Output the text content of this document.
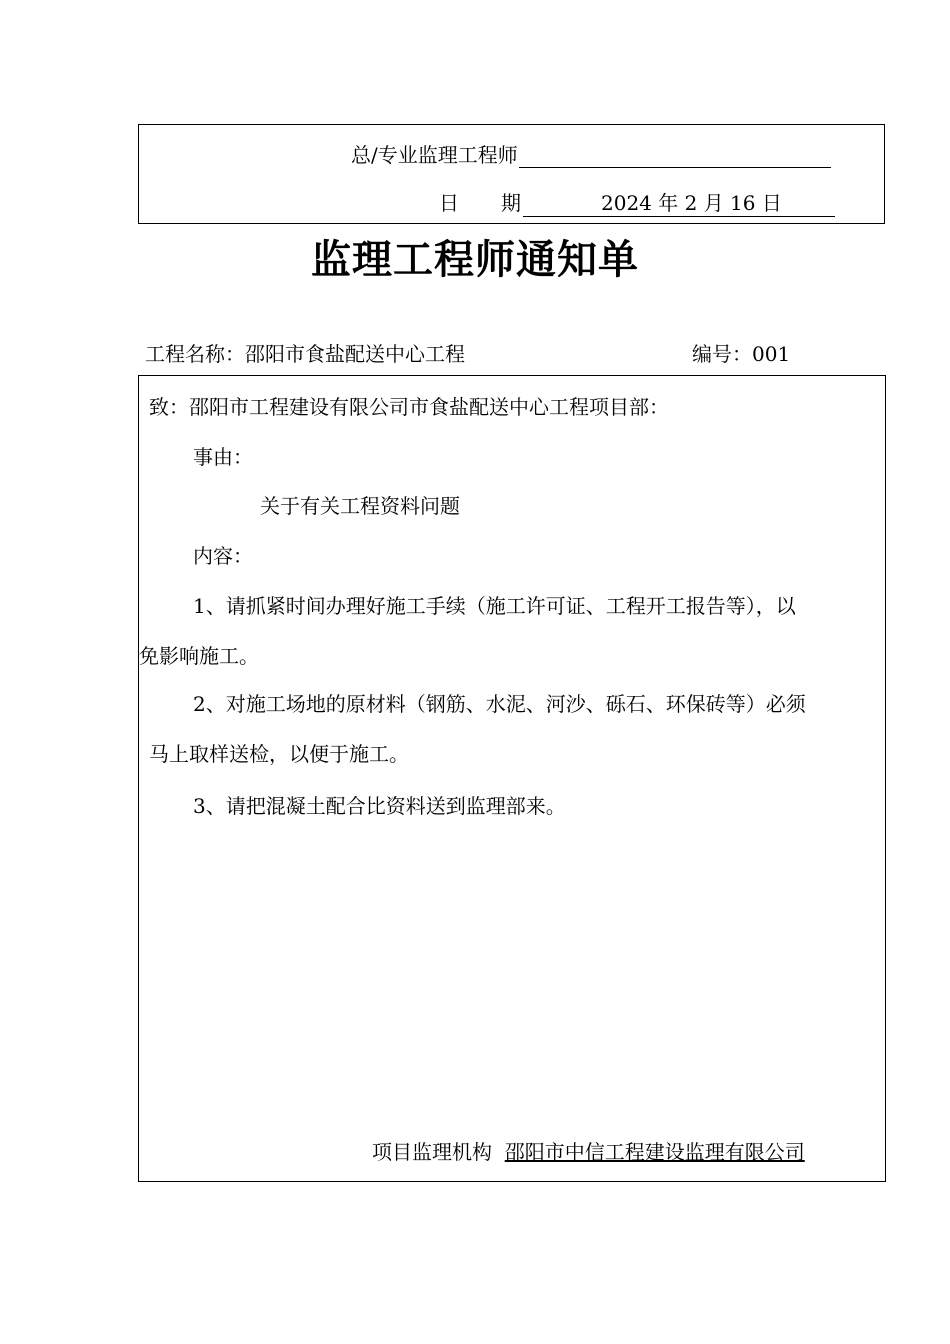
总/专业监理工程师
日 期	2024 年 2 月 16 日
监理工程师通知单
工程名称：邵阳市食盐配送中心工程	编号：001
致：邵阳市工程建设有限公司市食盐配送中心工程项目部：
事由：
关于有关工程资料问题
内容：
1、请抓紧时间办理好施工手续（施工许可证、工程开工报告等），以
免影响施工。
2、对施工场地的原材料（钢筋、水泥、河沙、砾石、环保砖等）必须
马上取样送检，以便于施工。
3、请把混凝土配合比资料送到监理部来。
项目监理机构 邵阳市中信工程建设监理有限公司
